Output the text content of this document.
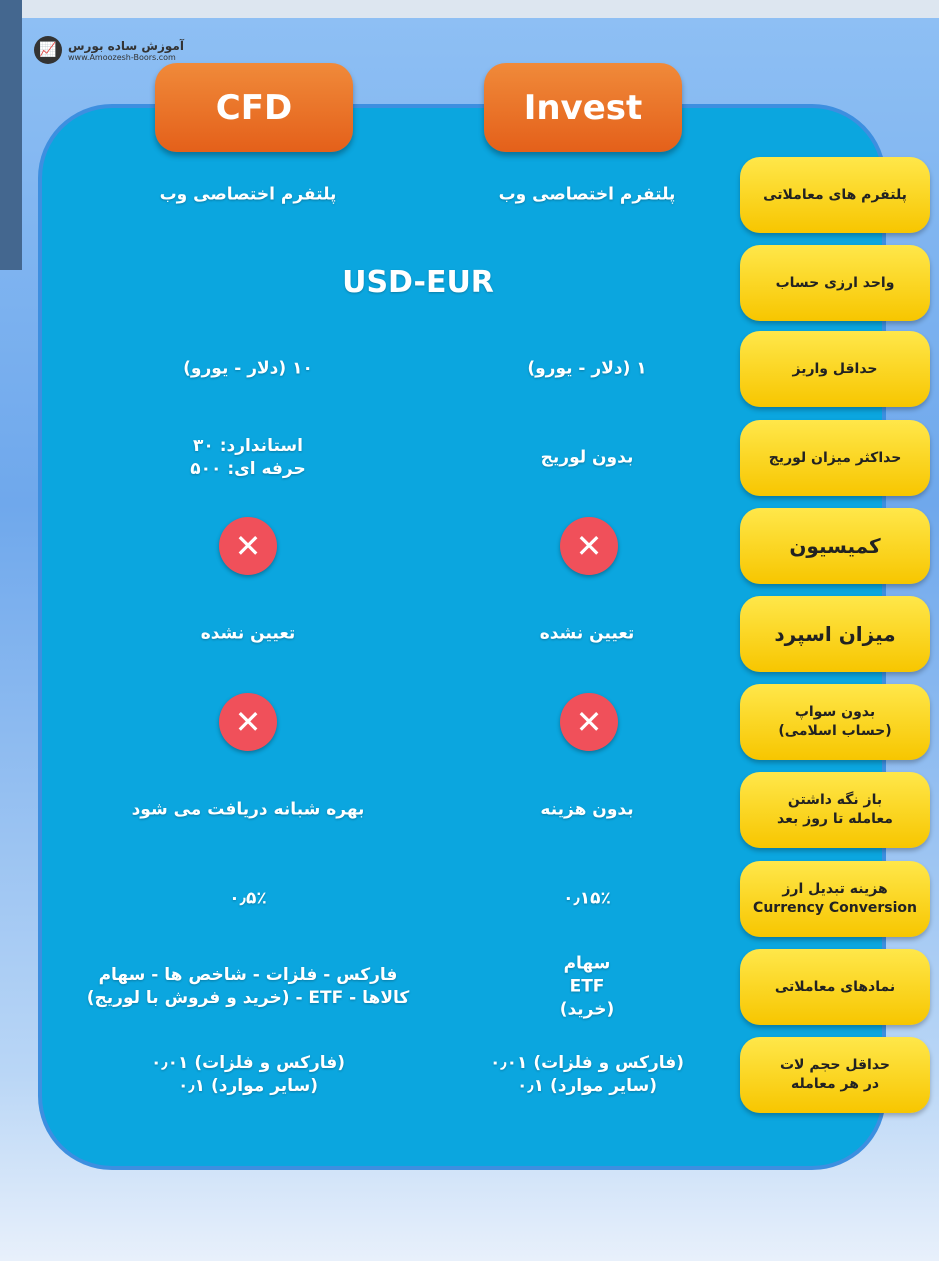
📈 آموزش ساده بورس
www.Amoozesh-Boors.com
CFD	Invest
پلتفرم های معاملاتی
پلتفرم اختصاصی وب
پلتفرم اختصاصی وب
واحد ارزی حساب
USD-EUR
حداقل واریز
۱ (دلار - یورو)
۱۰ (دلار - یورو)
حداکثر میزان لوریج
بدون لوریج
استاندارد: ۳۰
حرفه ای: ۵۰۰
کمیسیون
✕
✕
میزان اسپرد
تعیین نشده
تعیین نشده
بدون سواپ
(حساب اسلامی)
✕
✕
باز نگه داشتن
معامله تا روز بعد
بدون هزینه
بهره شبانه دریافت می شود
هزینه تبدیل ارز
Currency Conversion
۰٫۱۵٪
۰٫۵٪
نمادهای معاملاتی
سهام
ETF
(خرید)
فارکس - فلزات - شاخص ها - سهام
کالاها - ETF - (خرید و فروش با لوریج)
حداقل حجم لات
در هر معامله
(فارکس و فلزات) ۰٫۰۱
(سایر موارد) ۰٫۱
(فارکس و فلزات) ۰٫۰۱
(سایر موارد) ۰٫۱
